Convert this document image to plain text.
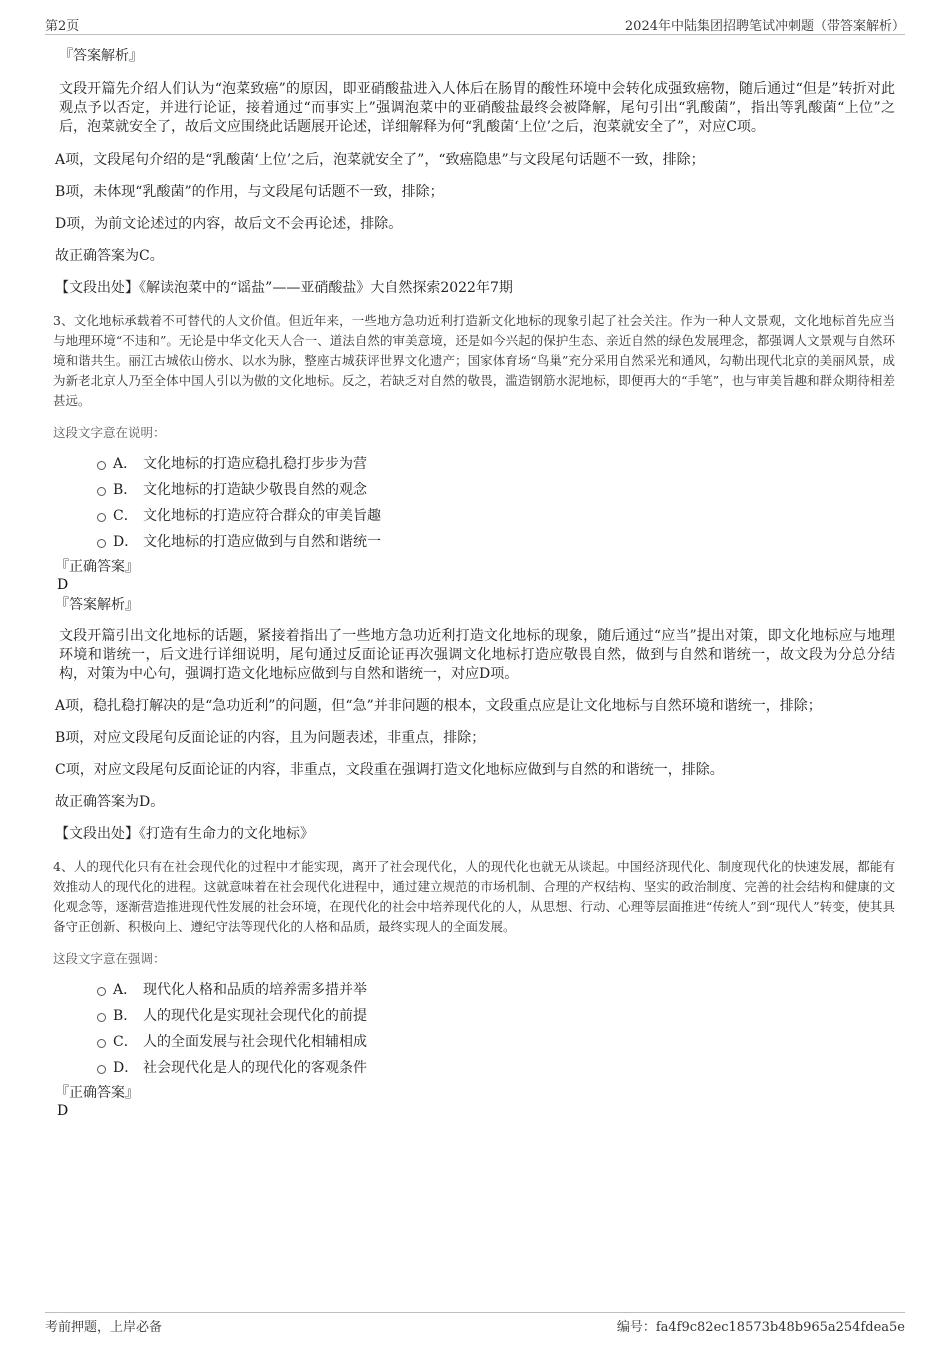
第2页	2024年中陆集团招聘笔试冲刺题（带答案解析）

『答案解析』

文段开篇先介绍人们认为“泡菜致癌”的原因，即亚硝酸盐进入人体后在肠胃的酸性环境中会转化成强致癌物，随后通过“但是”转折对此观点予以否定，并进行论证，接着通过“而事实上”强调泡菜中的亚硝酸盐最终会被降解，尾句引出“乳酸菌”，指出等乳酸菌“上位”之后，泡菜就安全了，故后文应围绕此话题展开论述，详细解释为何“乳酸菌‘上位’之后，泡菜就安全了”，对应C项。

A项，文段尾句介绍的是“乳酸菌‘上位’之后，泡菜就安全了”，“致癌隐患”与文段尾句话题不一致，排除；

B项，未体现“乳酸菌”的作用，与文段尾句话题不一致，排除；

D项，为前文论述过的内容，故后文不会再论述，排除。

故正确答案为C。

【文段出处】《解读泡菜中的“谣盐”——亚硝酸盐》大自然探索2022年7期

3、文化地标承载着不可替代的人文价值。但近年来，一些地方急功近利打造新文化地标的现象引起了社会关注。作为一种人文景观，文化地标首先应当与地理环境“不违和”。无论是中华文化天人合一、道法自然的审美意境，还是如今兴起的保护生态、亲近自然的绿色发展理念，都强调人文景观与自然环境和谐共生。丽江古城依山傍水、以水为脉，整座古城获评世界文化遗产；国家体育场“鸟巢”充分采用自然采光和通风，勾勒出现代北京的美丽风景，成为新老北京人乃至全体中国人引以为傲的文化地标。反之，若缺乏对自然的敬畏，滥造钢筋水泥地标，即便再大的“手笔”，也与审美旨趣和群众期待相差甚远。

这段文字意在说明：

A． 文化地标的打造应稳扎稳打步步为营
B． 文化地标的打造缺少敬畏自然的观念
C． 文化地标的打造应符合群众的审美旨趣
D． 文化地标的打造应做到与自然和谐统一

『正确答案』

D

『答案解析』

文段开篇引出文化地标的话题，紧接着指出了一些地方急功近利打造文化地标的现象，随后通过“应当”提出对策，即文化地标应与地理环境和谐统一，后文进行详细说明，尾句通过反面论证再次强调文化地标打造应敬畏自然，做到与自然和谐统一，故文段为分总分结构，对策为中心句，强调打造文化地标应做到与自然和谐统一，对应D项。

A项，稳扎稳打解决的是“急功近利”的问题，但“急”并非问题的根本，文段重点应是让文化地标与自然环境和谐统一，排除；

B项，对应文段尾句反面论证的内容，且为问题表述，非重点，排除；

C项，对应文段尾句反面论证的内容，非重点，文段重在强调打造文化地标应做到与自然的和谐统一，排除。

故正确答案为D。

【文段出处】《打造有生命力的文化地标》

4、人的现代化只有在社会现代化的过程中才能实现，离开了社会现代化，人的现代化也就无从谈起。中国经济现代化、制度现代化的快速发展，都能有效推动人的现代化的进程。这就意味着在社会现代化进程中，通过建立规范的市场机制、合理的产权结构、坚实的政治制度、完善的社会结构和健康的文化观念等，逐渐营造推进现代性发展的社会环境，在现代化的社会中培养现代化的人，从思想、行动、心理等层面推进“传统人”到“现代人”转变，使其具备守正创新、积极向上、遵纪守法等现代化的人格和品质，最终实现人的全面发展。

这段文字意在强调：

A． 现代化人格和品质的培养需多措并举
B． 人的现代化是实现社会现代化的前提
C． 人的全面发展与社会现代化相辅相成
D． 社会现代化是人的现代化的客观条件

『正确答案』

D

考前押题，上岸必备	编号：fa4f9c82ec18573b48b965a254fdea5e
